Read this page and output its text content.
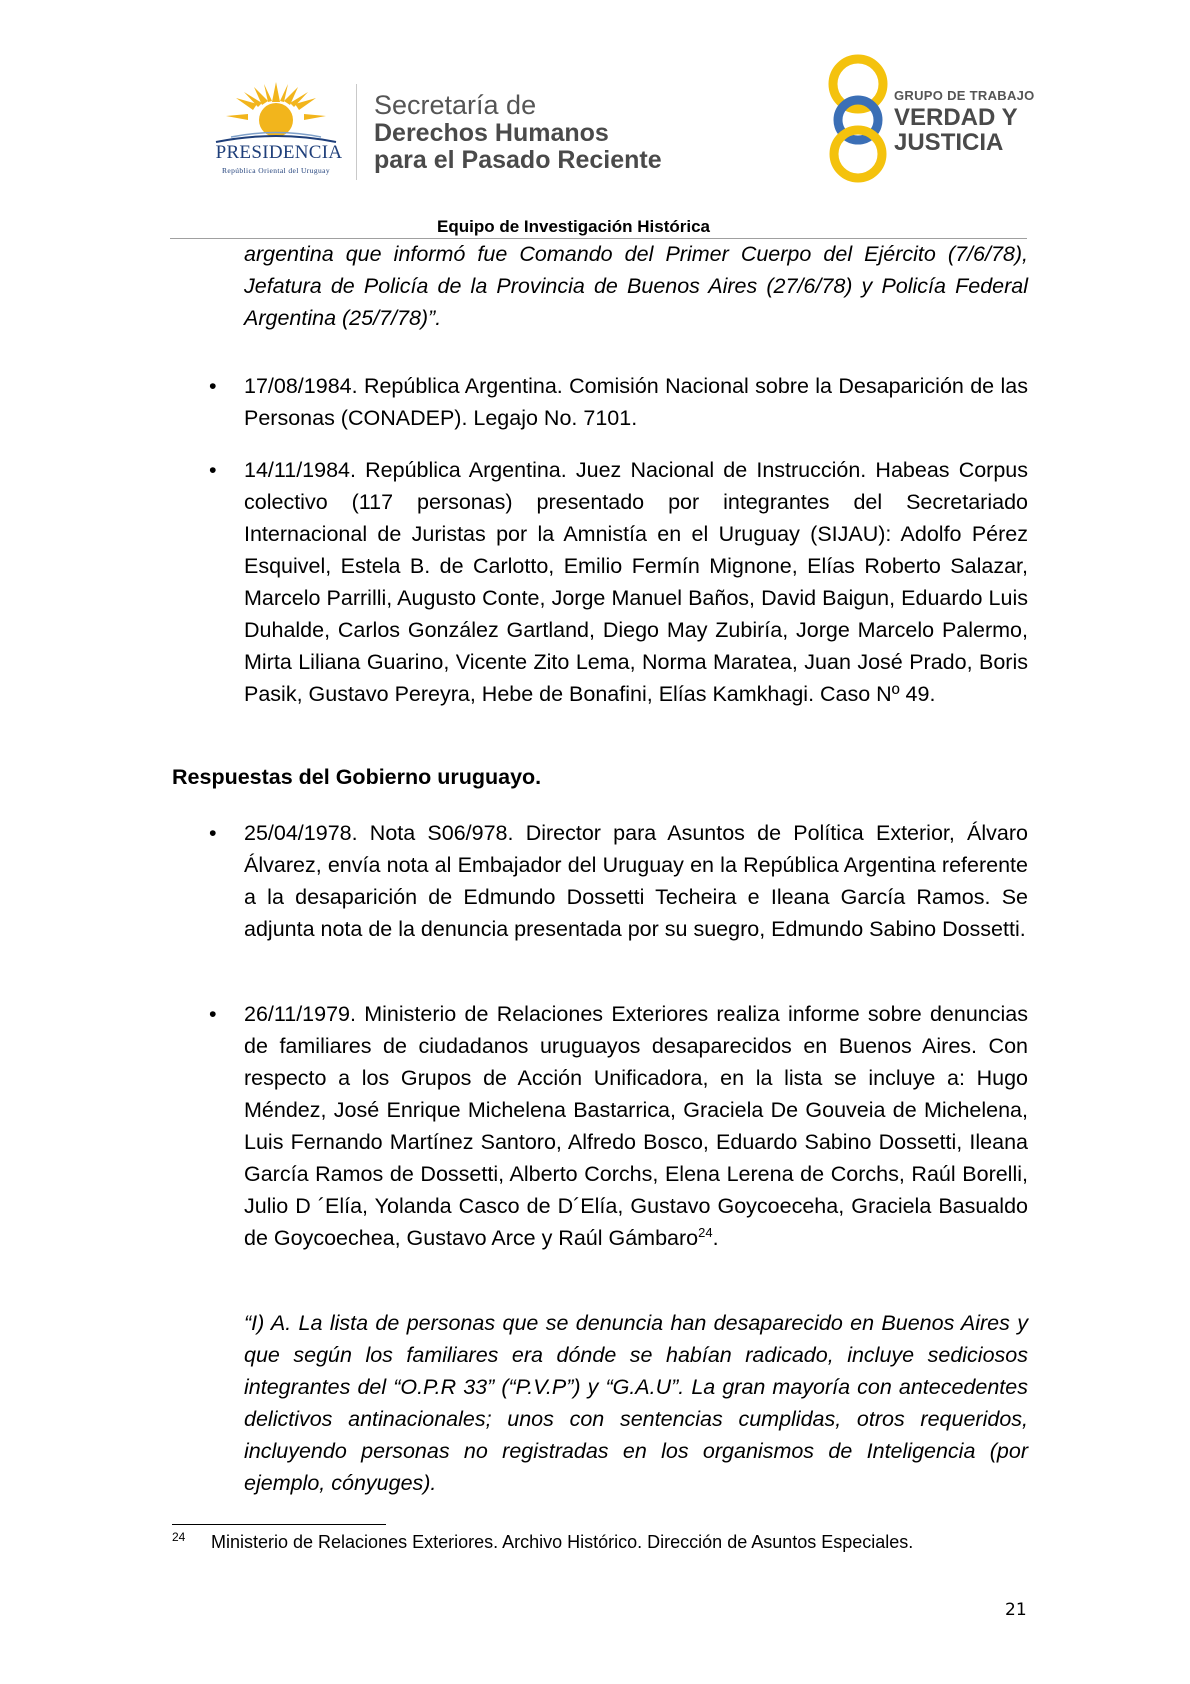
PRESIDENCIA
República Oriental del Uruguay
Secretaría de
Derechos Humanos
para el Pasado Reciente
GRUPO DE TRABAJO
VERDAD Y
JUSTICIA
Equipo de Investigación Histórica
argentina que informó fue Comando del Primer Cuerpo del Ejército (7/6/78), Jefatura de Policía de la Provincia de Buenos Aires (27/6/78) y Policía Federal Argentina (25/7/78)”.
• 17/08/1984. República Argentina. Comisión Nacional sobre la Desaparición de las Personas (CONADEP). Legajo No. 7101.
• 14/11/1984. República Argentina. Juez Nacional de Instrucción. Habeas Corpus colectivo (117 personas) presentado por integrantes del Secretariado Internacional de Juristas por la Amnistía en el Uruguay (SIJAU): Adolfo Pérez Esquivel, Estela B. de Carlotto, Emilio Fermín Mignone, Elías Roberto Salazar, Marcelo Parrilli, Augusto Conte, Jorge Manuel Baños, David Baigun, Eduardo Luis Duhalde, Carlos González Gartland, Diego May Zubiría, Jorge Marcelo Palermo, Mirta Liliana Guarino, Vicente Zito Lema, Norma Maratea, Juan José Prado, Boris Pasik, Gustavo Pereyra, Hebe de Bonafini, Elías Kamkhagi. Caso Nº 49.
Respuestas del Gobierno uruguayo.
• 25/04/1978. Nota S06/978. Director para Asuntos de Política Exterior, Álvaro Álvarez, envía nota al Embajador del Uruguay en la República Argentina referente a la desaparición de Edmundo Dossetti Techeira e Ileana García Ramos. Se adjunta nota de la denuncia presentada por su suegro, Edmundo Sabino Dossetti.
• 26/11/1979. Ministerio de Relaciones Exteriores realiza informe sobre denuncias de familiares de ciudadanos uruguayos desaparecidos en Buenos Aires. Con respecto a los Grupos de Acción Unificadora, en la lista se incluye a: Hugo Méndez, José Enrique Michelena Bastarrica, Graciela De Gouveia de Michelena, Luis Fernando Martínez Santoro, Alfredo Bosco, Eduardo Sabino Dossetti, Ileana García Ramos de Dossetti, Alberto Corchs, Elena Lerena de Corchs, Raúl Borelli, Julio D ´Elía, Yolanda Casco de D´Elía, Gustavo Goycoeceha, Graciela Basualdo de Goycoechea, Gustavo Arce y Raúl Gámbaro$^{24}$.
“I) A. La lista de personas que se denuncia han desaparecido en Buenos Aires y que según los familiares era dónde se habían radicado, incluye sediciosos integrantes del “O.P.R 33” (“P.V.P”) y “G.A.U”. La gran mayoría con antecedentes delictivos antinacionales; unos con sentencias cumplidas, otros requeridos, incluyendo personas no registradas en los organismos de Inteligencia (por ejemplo, cónyuges).
24 Ministerio de Relaciones Exteriores. Archivo Histórico. Dirección de Asuntos Especiales.
21
